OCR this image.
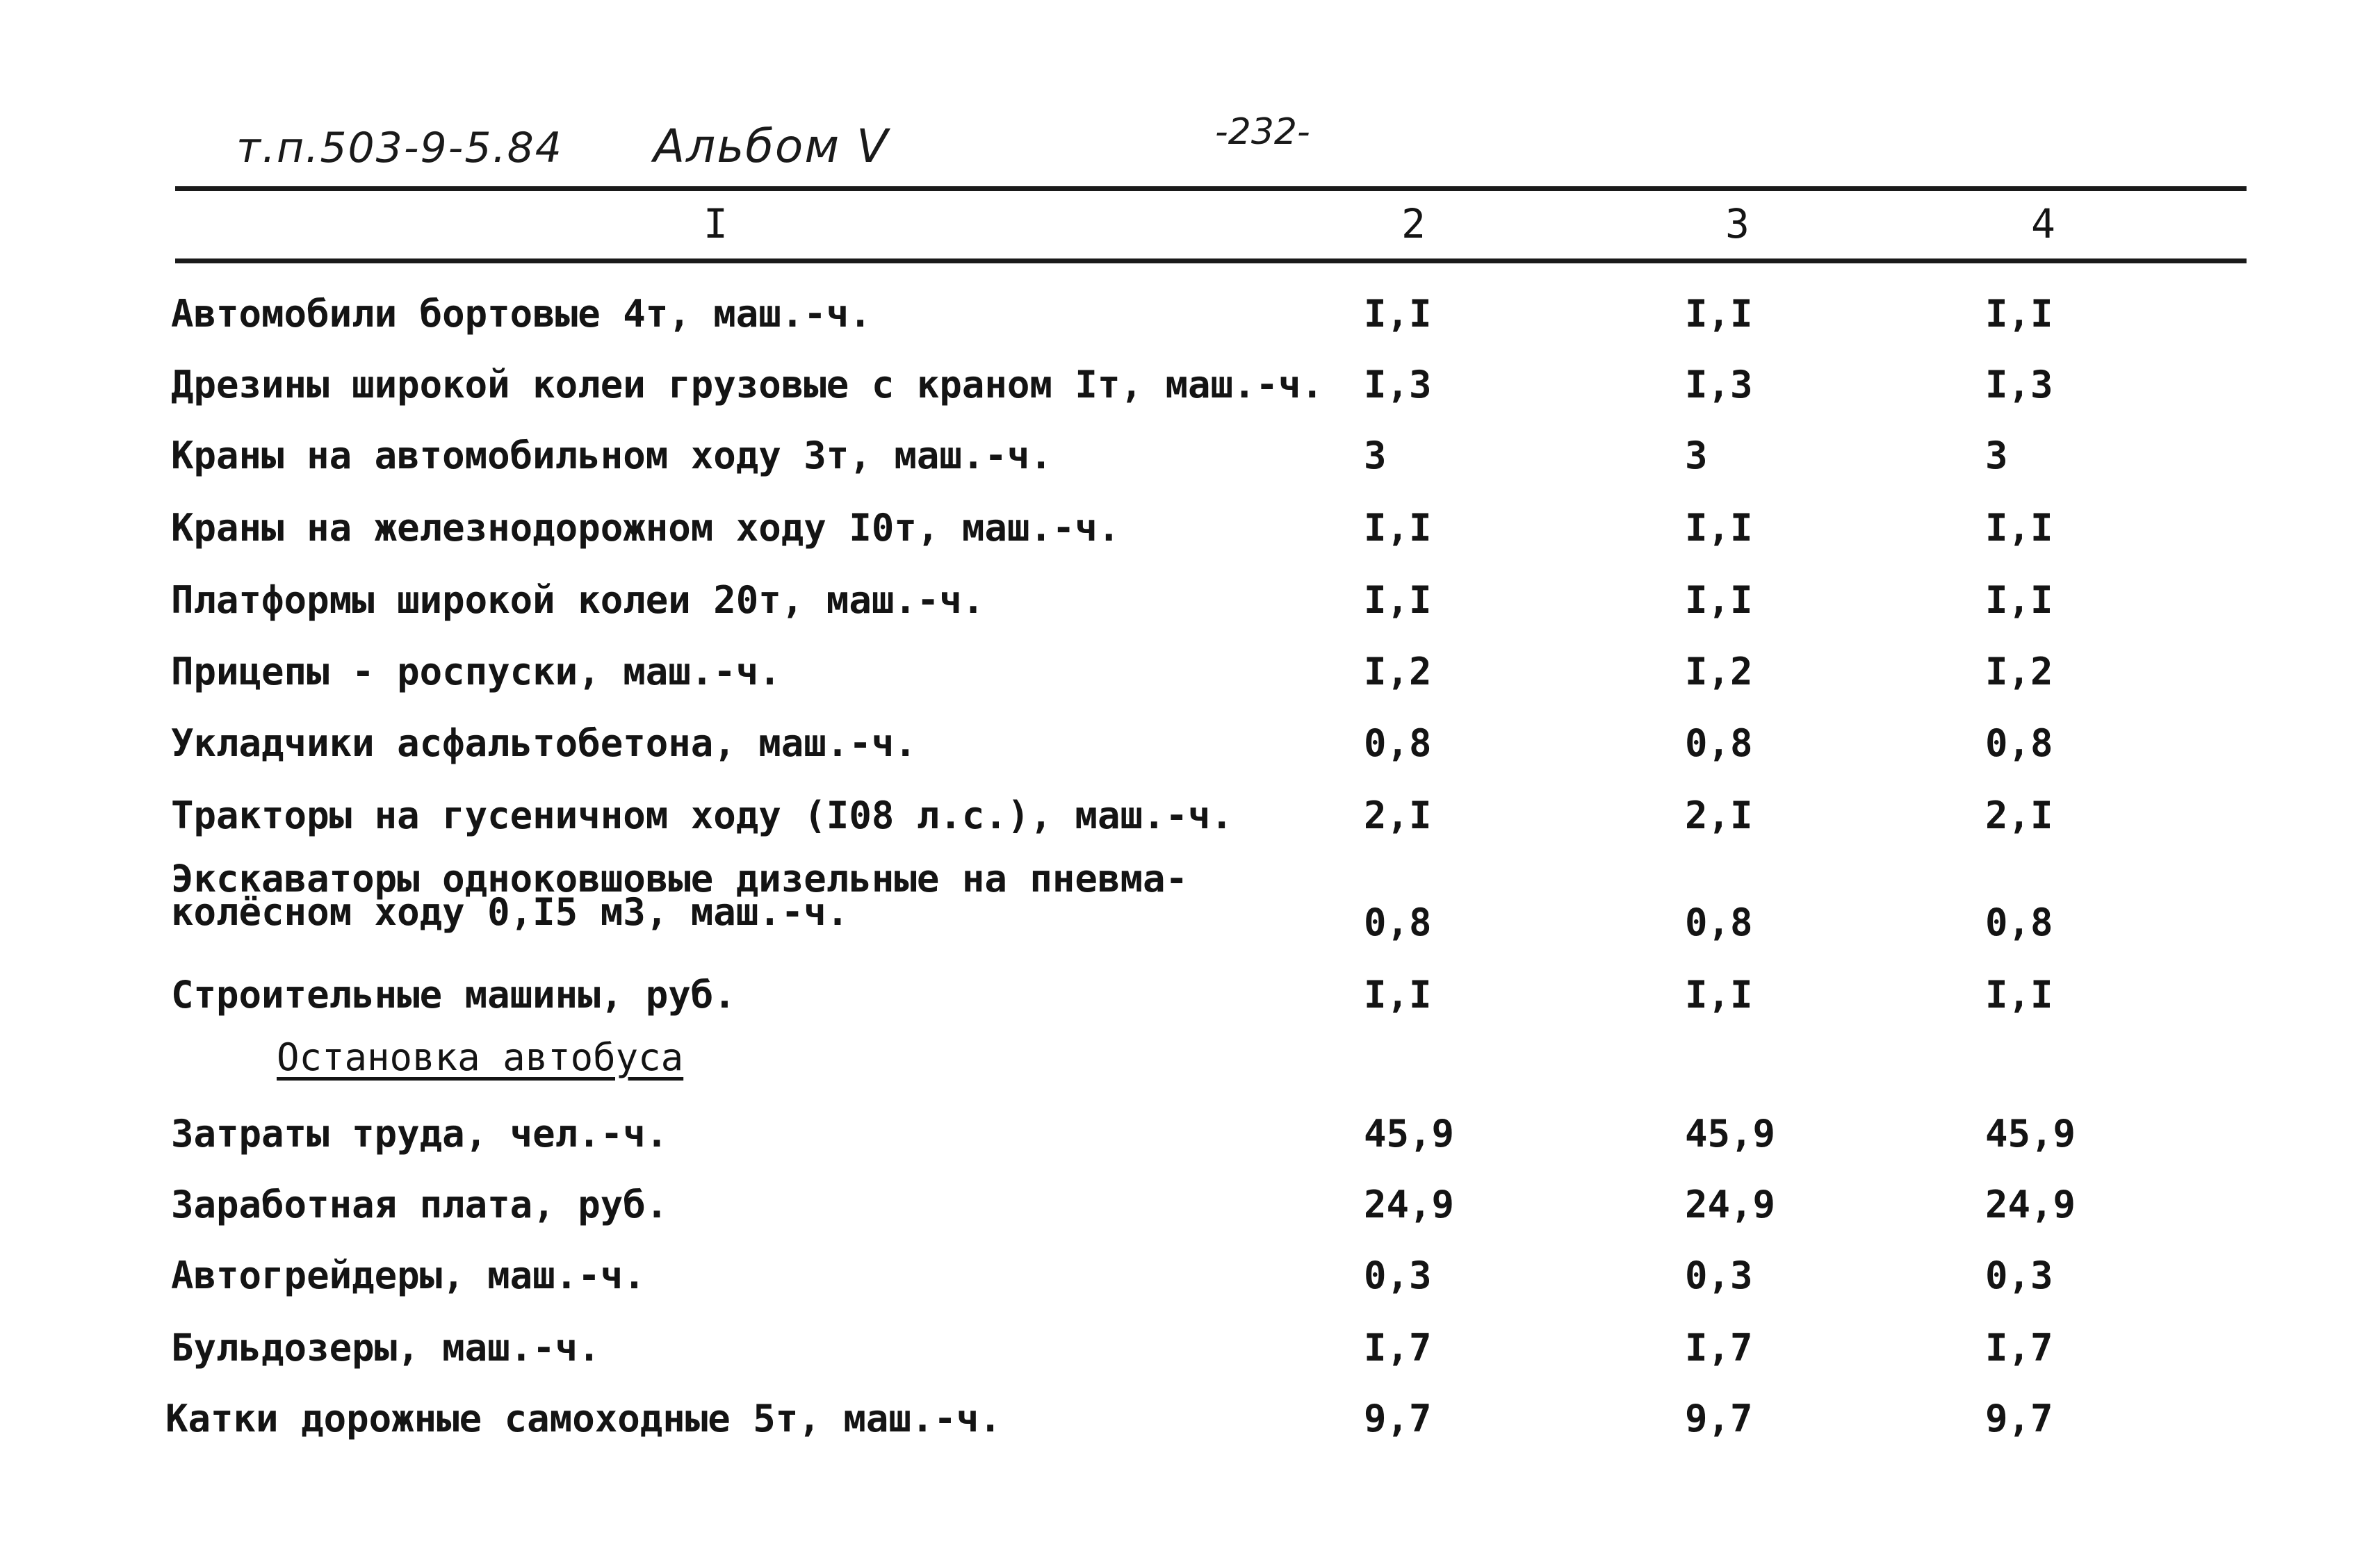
т.п.503-9-5.84 Альбом V	-232-
I	2	3	4
Автомобили бортовые 4т, маш.-ч.	I,I	I,I	I,I
Дрезины широкой колеи грузовые с краном Iт, маш.-ч. I,3	I,3	I,3
Краны на автомобильном ходу 3т, маш.-ч.	3	3	3
Краны на железнодорожном ходу I0т, маш.-ч.	I,I	I,I	I,I
Платформы широкой колеи 20т, маш.-ч.	I,I	I,I	I,I
Прицепы - роспуски, маш.-ч.	I,2	I,2	I,2
Укладчики асфальтобетона, маш.-ч.	0,8	0,8	0,8
Тракторы на гусеничном ходу (I08 л.с.), маш.-ч.	2,I	2,I	2,I
Экскаваторы одноковшовые дизельные на пневма-
колёсном ходу 0,I5 м3, маш.-ч.	0,8	0,8	0,8
Строительные машины, руб.	I,I	I,I	I,I
Остановка автобуса
Затраты труда, чел.-ч.	45,9	45,9	45,9
Заработная плата, руб.	24,9	24,9	24,9
Автогрейдеры, маш.-ч.	0,3	0,3	0,3
Бульдозеры, маш.-ч.	I,7	I,7	I,7
Катки дорожные самоходные 5т, маш.-ч.	9,7	9,7	9,7
